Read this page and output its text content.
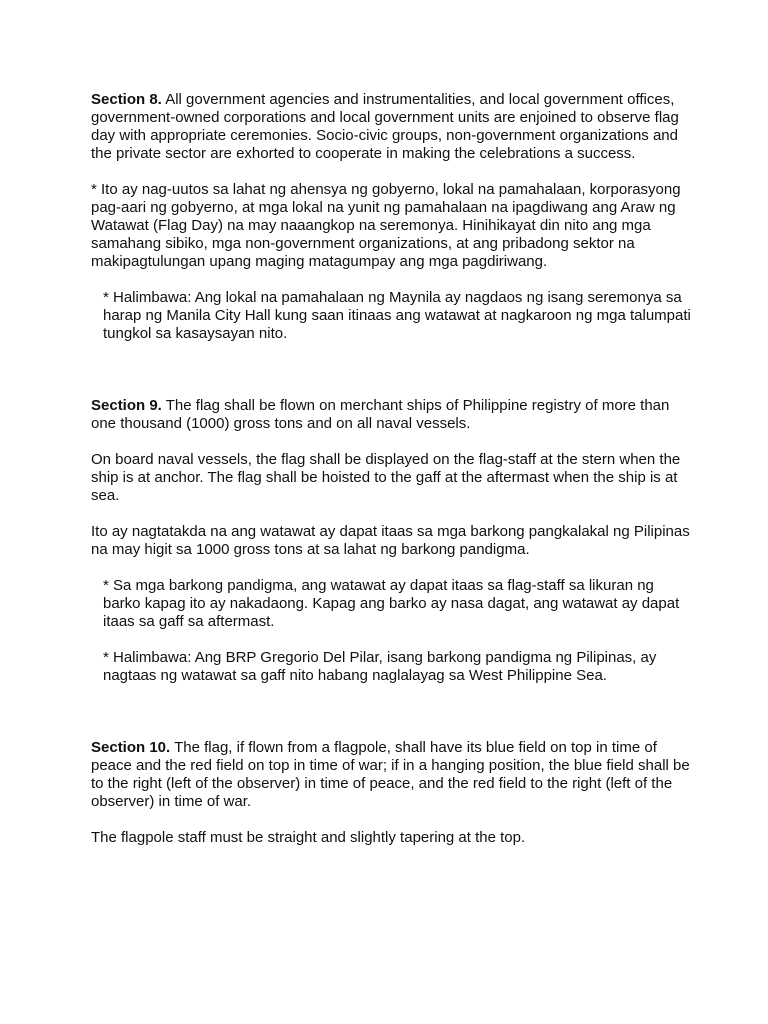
Section 8. All government agencies and instrumentalities, and local government offices, government-owned corporations and local government units are enjoined to observe flag day with appropriate ceremonies. Socio-civic groups, non-government organizations and the private sector are exhorted to cooperate in making the celebrations a success.

* Ito ay nag-uutos sa lahat ng ahensya ng gobyerno, lokal na pamahalaan, korporasyong pag-aari ng gobyerno, at mga lokal na yunit ng pamahalaan na ipagdiwang ang Araw ng Watawat (Flag Day) na may naaangkop na seremonya. Hinihikayat din nito ang mga samahang sibiko, mga non-government organizations, at ang pribadong sektor na makipagtulungan upang maging matagumpay ang mga pagdiriwang.

* Halimbawa: Ang lokal na pamahalaan ng Maynila ay nagdaos ng isang seremonya sa harap ng Manila City Hall kung saan itinaas ang watawat at nagkaroon ng mga talumpati tungkol sa kasaysayan nito.

Section 9. The flag shall be flown on merchant ships of Philippine registry of more than one thousand (1000) gross tons and on all naval vessels.

On board naval vessels, the flag shall be displayed on the flag-staff at the stern when the ship is at anchor. The flag shall be hoisted to the gaff at the aftermast when the ship is at sea.

Ito ay nagtatakda na ang watawat ay dapat itaas sa mga barkong pangkalakal ng Pilipinas na may higit sa 1000 gross tons at sa lahat ng barkong pandigma.

* Sa mga barkong pandigma, ang watawat ay dapat itaas sa flag-staff sa likuran ng barko kapag ito ay nakadaong. Kapag ang barko ay nasa dagat, ang watawat ay dapat itaas sa gaff sa aftermast.

* Halimbawa: Ang BRP Gregorio Del Pilar, isang barkong pandigma ng Pilipinas, ay nagtaas ng watawat sa gaff nito habang naglalayag sa West Philippine Sea.

Section 10. The flag, if flown from a flagpole, shall have its blue field on top in time of peace and the red field on top in time of war; if in a hanging position, the blue field shall be to the right (left of the observer) in time of peace, and the red field to the right (left of the observer) in time of war.

The flagpole staff must be straight and slightly tapering at the top.
